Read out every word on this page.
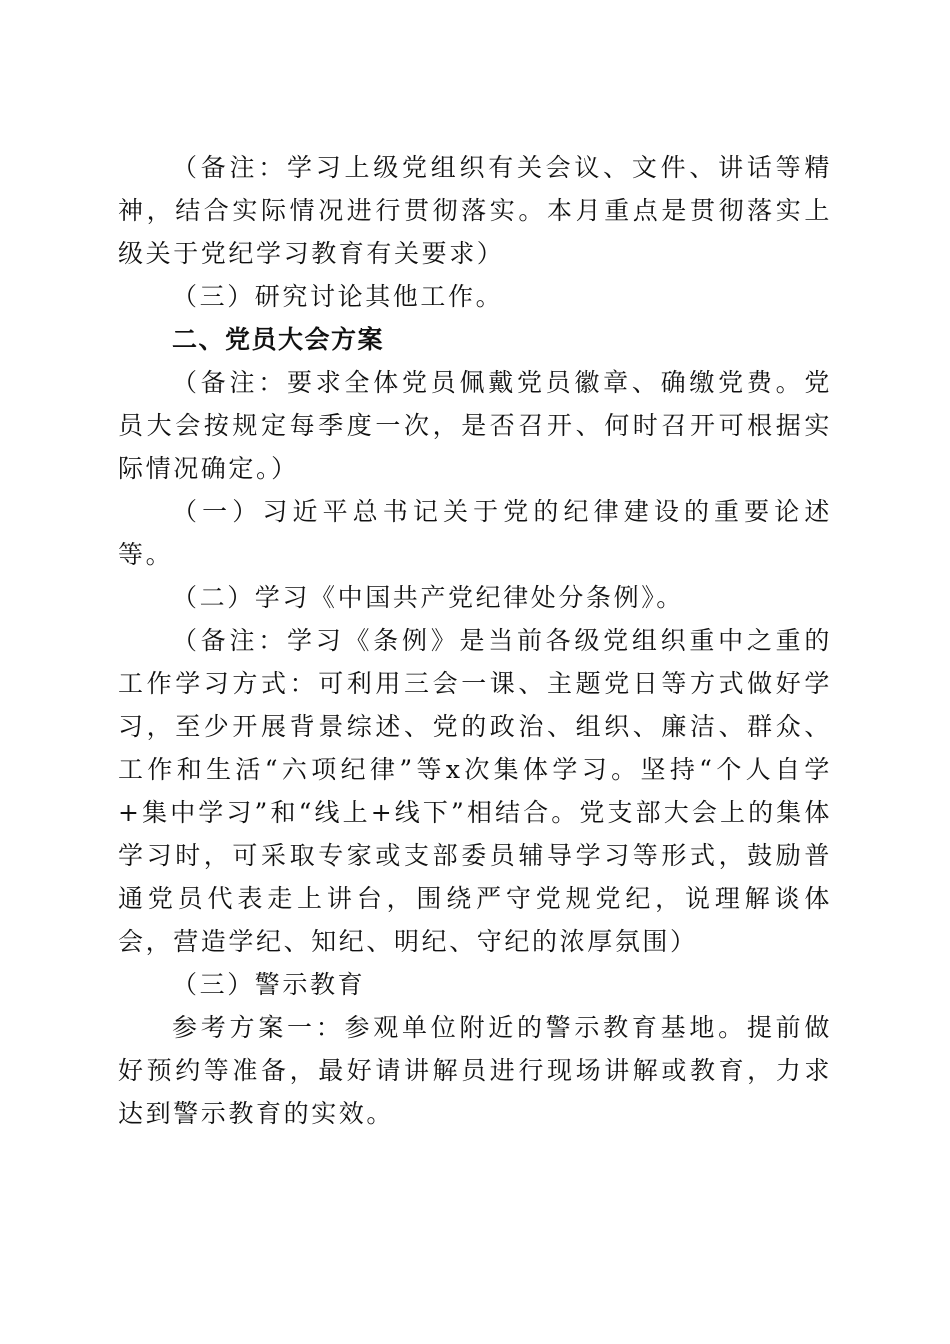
（备注：学习上级党组织有关会议、文件、讲话等精神，结合实际情况进行贯彻落实。本月重点是贯彻落实上级关于党纪学习教育有关要求）

（三）研究讨论其他工作。

二、党员大会方案

（备注：要求全体党员佩戴党员徽章、确缴党费。党员大会按规定每季度一次，是否召开、何时召开可根据实际情况确定。）

（一）习近平总书记关于党的纪律建设的重要论述等。

（二）学习《中国共产党纪律处分条例》。

（备注：学习《条例》是当前各级党组织重中之重的工作学习方式：可利用三会一课、主题党日等方式做好学习，至少开展背景综述、党的政治、组织、廉洁、群众、工作和生活“六项纪律”等x次集体学习。坚持“个人自学+集中学习”和“线上+线下”相结合。党支部大会上的集体学习时，可采取专家或支部委员辅导学习等形式，鼓励普通党员代表走上讲台，围绕严守党规党纪，说理解谈体会，营造学纪、知纪、明纪、守纪的浓厚氛围）

（三）警示教育

参考方案一：参观单位附近的警示教育基地。提前做好预约等准备，最好请讲解员进行现场讲解或教育，力求达到警示教育的实效。
